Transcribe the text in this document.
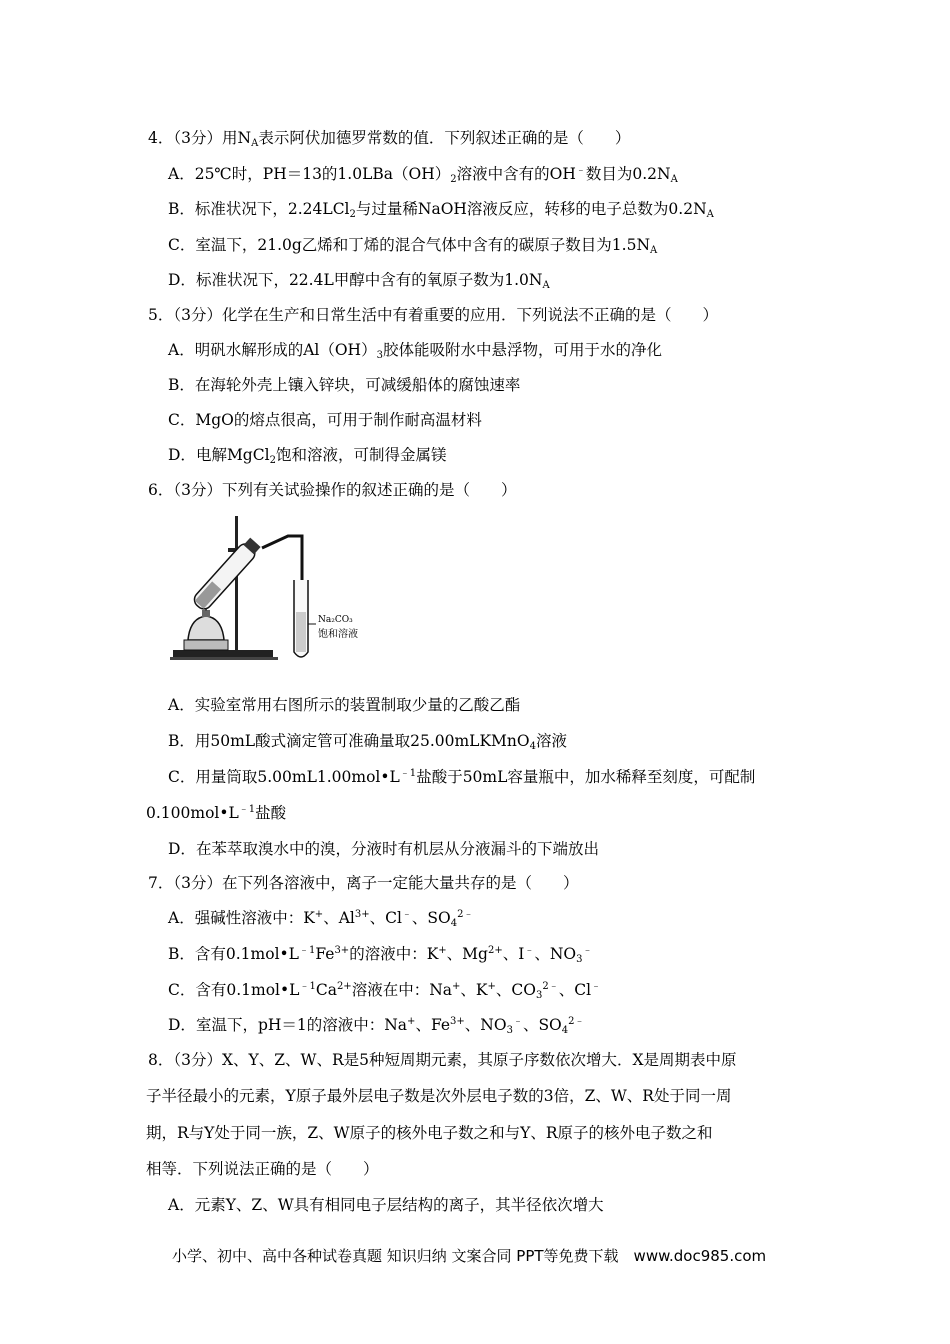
4．（3分）用$N_A$表示阿伏加德罗常数的值．下列叙述正确的是（　　）
A．25℃时，PH＝13的$1.0LBa(OH)_2$溶液中含有的OH﹣数目为$0.2N_A$
B．标准状况下，2.24LCl$_2$与过量稀NaOH溶液反应，转移的电子总数为$0.2N_A$
C．室温下，21.0g乙烯和丁烯的混合气体中含有的碳原子数目为$1.5N_A$
D．标准状况下，22.4L甲醇中含有的氧原子数为$1.0N_A$
5．（3分）化学在生产和日常生活中有着重要的应用．下列说法不正确的是（　　）
A．明矾水解形成的$Al(OH)_3$胶体能吸附水中悬浮物，可用于水的净化
B．在海轮外壳上镶入锌块，可减缓船体的腐蚀速率
C．MgO的熔点很高，可用于制作耐高温材料
D．电解MgCl$_2$饱和溶液，可制得金属镁
6．（3分）下列有关试验操作的叙述正确的是（　　）
Na₂CO₃
饱和溶液
A．实验室常用右图所示的装置制取少量的乙酸乙酯
B．用50mL酸式滴定管可准确量取25.00mLKMnO$_4$溶液
C．用量筒取$5.00mL1.00mol•L^{﹣1}$盐酸于50mL容量瓶中，加水稀释至刻度，可配制
$0.100mol•L^{﹣1}$盐酸
D．在苯萃取溴水中的溴，分液时有机层从分液漏斗的下端放出
7．（3分）在下列各溶液中，离子一定能大量共存的是（　　）
A．强碱性溶液中：K+、$Al^{3+}$、Cl﹣、$SO_4^{2﹣}$
B．含有$0.1mol•L^{﹣1}Fe^{3+}$的溶液中：K+、$Mg^{2+}$、I﹣、$NO_3^﹣$
C．含有$0.1mol•L^{﹣1}Ca^{2+}$溶液在中：Na+、K+、$CO_3^{2﹣}$、Cl﹣
D．室温下，pH＝1的溶液中：Na+、$Fe^{3+}$、$NO_3^﹣$、$SO_4^{2﹣}$
8．（3分）X、Y、Z、W、R是5种短周期元素，其原子序数依次增大．X是周期表中原
子半径最小的元素，Y原子最外层电子数是次外层电子数的3倍，Z、W、R处于同一周
期，R与Y处于同一族，Z、W原子的核外电子数之和与Y、R原子的核外电子数之和
相等．下列说法正确的是（　　）
A．元素Y、Z、W具有相同电子层结构的离子，其半径依次增大
小学、初中、高中各种试卷真题 知识归纳 文案合同 PPT等免费下载　www.doc985.com
